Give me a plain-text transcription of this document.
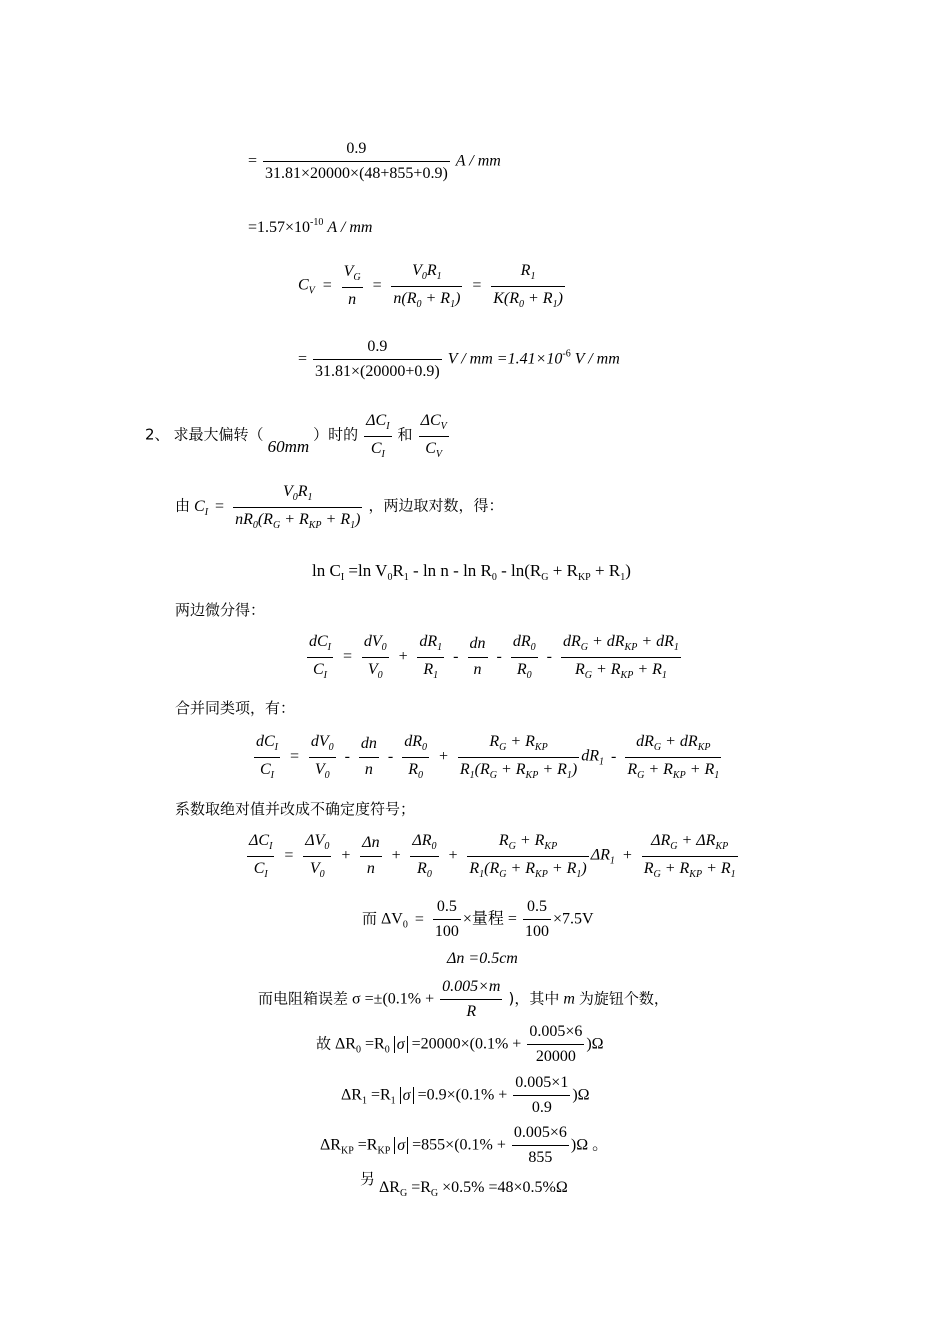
= $\frac{0.9}{31.81\times 20000\times(48+855+0.9)}$ A / mm
$=1.57\times 10^{-10}$ A / mm
$C_V = \frac{V_G}{n} = \frac{V_0R_1}{n(R_0 + R_1)} = \frac{R_1}{K(R_0 + R_1)}$
= $\frac{0.9}{31.81\times(20000+0.9)}$ V / mm $=1.41\times 10^{-6}$ V / mm
2、 求最大偏转（ 60mm ）时的 $\frac{\Delta C_I}{C_I}$ 和 $\frac{\Delta C_V}{C_V}$
由 $C_I = \frac{V_0R_1}{nR_0(R_G + R_{KP} + R_1)}$ ，两边取对数，得：
$\ln C_I =\ln$ $V_0R_1 - \ln n - \ln R_0 - \ln(R_G + R_{KP} + R_1)$
两边微分得：
$\frac{dC_I}{C_I} = \frac{dV_0}{V_0} + \frac{dR_1}{R_1} - \frac{dn}{n} - \frac{dR_0}{R_0} - \frac{dR_G + dR_{KP} + dR_1}{R_G + R_{KP} + R_1}$
合并同类项，有：
$\frac{dC_I}{C_I} = \frac{dV_0}{V_0} - \frac{dn}{n} - \frac{dR_0}{R_0} + \frac{R_G + R_{KP}}{R_1(R_G + R_{KP} + R_1)} dR_1 - \frac{dR_G + dR_{KP}}{R_G + R_{KP} + R_1}$
系数取绝对值并改成不确定度符号；
$\frac{\Delta C_I}{C_I} = \frac{\Delta V_0}{V_0} + \frac{\Delta n}{n} + \frac{\Delta R_0}{R_0} + \frac{R_G + R_{KP}}{R_1(R_G + R_{KP} + R_1)} \Delta R_1 + \frac{\Delta R_G + \Delta R_{KP}}{R_G + R_{KP} + R_1}$
而 $\Delta V_0 = \frac{0.5}{100}$ ×量程 = $\frac{0.5}{100} \times 7.5V$
Δn =0.5cm
而电阻箱误差 $\sigma =\pm(0.1\% + \frac{0.005\times m}{R}$ )，其中 m 为旋钮个数，
故 $\Delta R_0 =R_0$ $\sigma =20000\times(0.1\% + \frac{0.005\times 6}{20000} )\Omega$
$\Delta R_1 =R_1$ $\sigma =0.9\times(0.1\% + \frac{0.005\times 1}{0.9} )\Omega$
$\Delta R_{KP} =R_{KP}$ $\sigma =855\times(0.1\% + \frac{0.005\times 6}{855} )\Omega$ 。
另 $\Delta R_G =R_G \times 0.5\% =48\times 0.5\%\Omega$
